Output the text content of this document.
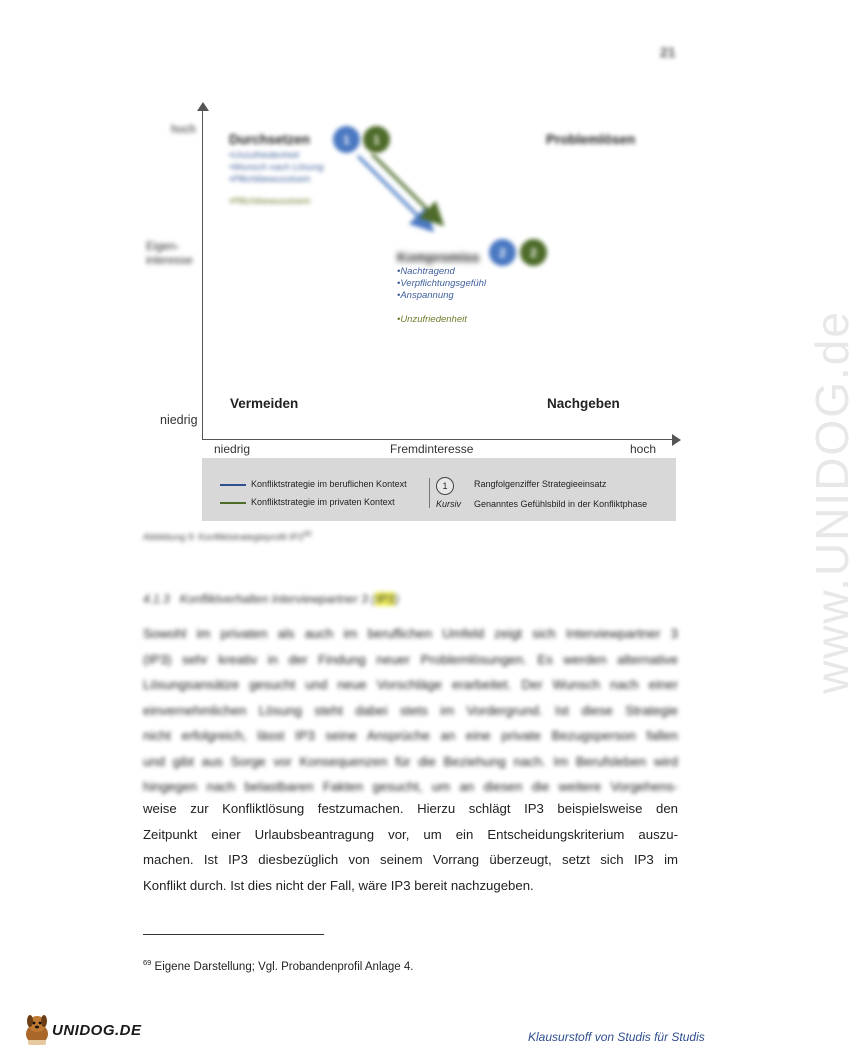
21
www.UNIDOG.de
hoch
Eigen-
interesse
niedrig
niedrig	Fremdinteresse	hoch
Durchsetzen	1	1
•Unzufriedenheit
•Wunsch nach Lösung
•Pflichtbewusstsein
•Pflichtbewusstsein
Problemlösen
Kompromiss	2	2
•Nachtragend
•Verpflichtungsgefühl
•Anspannung
•Unzufriedenheit
Vermeiden	Nachgeben
Konfliktstrategie im beruflichen Kontext
Konfliktstrategie im privaten Kontext
1	Rangfolgenziffer Strategieeinsatz
Kursiv Genanntes Gefühlsbild in der Konfliktphase
Abbildung 9: Konfliktstrategieprofil $IP2^{68}$
4.1.3 Konfliktverhalten Interviewpartner 3 (IP3)
Sowohl im privaten als auch im beruflichen Umfeld zeigt sich Interviewpartner 3
(IP3) sehr kreativ in der Findung neuer Problemlösungen. Es werden alternative
Lösungsansätze gesucht und neue Vorschläge erarbeitet. Der Wunsch nach einer
einvernehmlichen Lösung steht dabei stets im Vordergrund. Ist diese Strategie
nicht erfolgreich, lässt IP3 seine Ansprüche an eine private Bezugsperson fallen
und gibt aus Sorge vor Konsequenzen für die Beziehung nach. Im Berufsleben wird
hingegen nach belastbaren Fakten gesucht, um an diesen die weitere Vorgehens-
weise zur Konfliktlösung festzumachen. Hierzu schlägt IP3 beispielsweise den
Zeitpunkt einer Urlaubsbeantragung vor, um ein Entscheidungskriterium auszu-
machen. Ist IP3 diesbezüglich von seinem Vorrang überzeugt, setzt sich IP3 im
Konflikt durch. Ist dies nicht der Fall, wäre IP3 bereit nachzugeben.
$^{69}$ Eigene Darstellung; Vgl. Probandenprofil Anlage 4.
UNIDOG.DE	Klausurstoff von Studis für Studis
